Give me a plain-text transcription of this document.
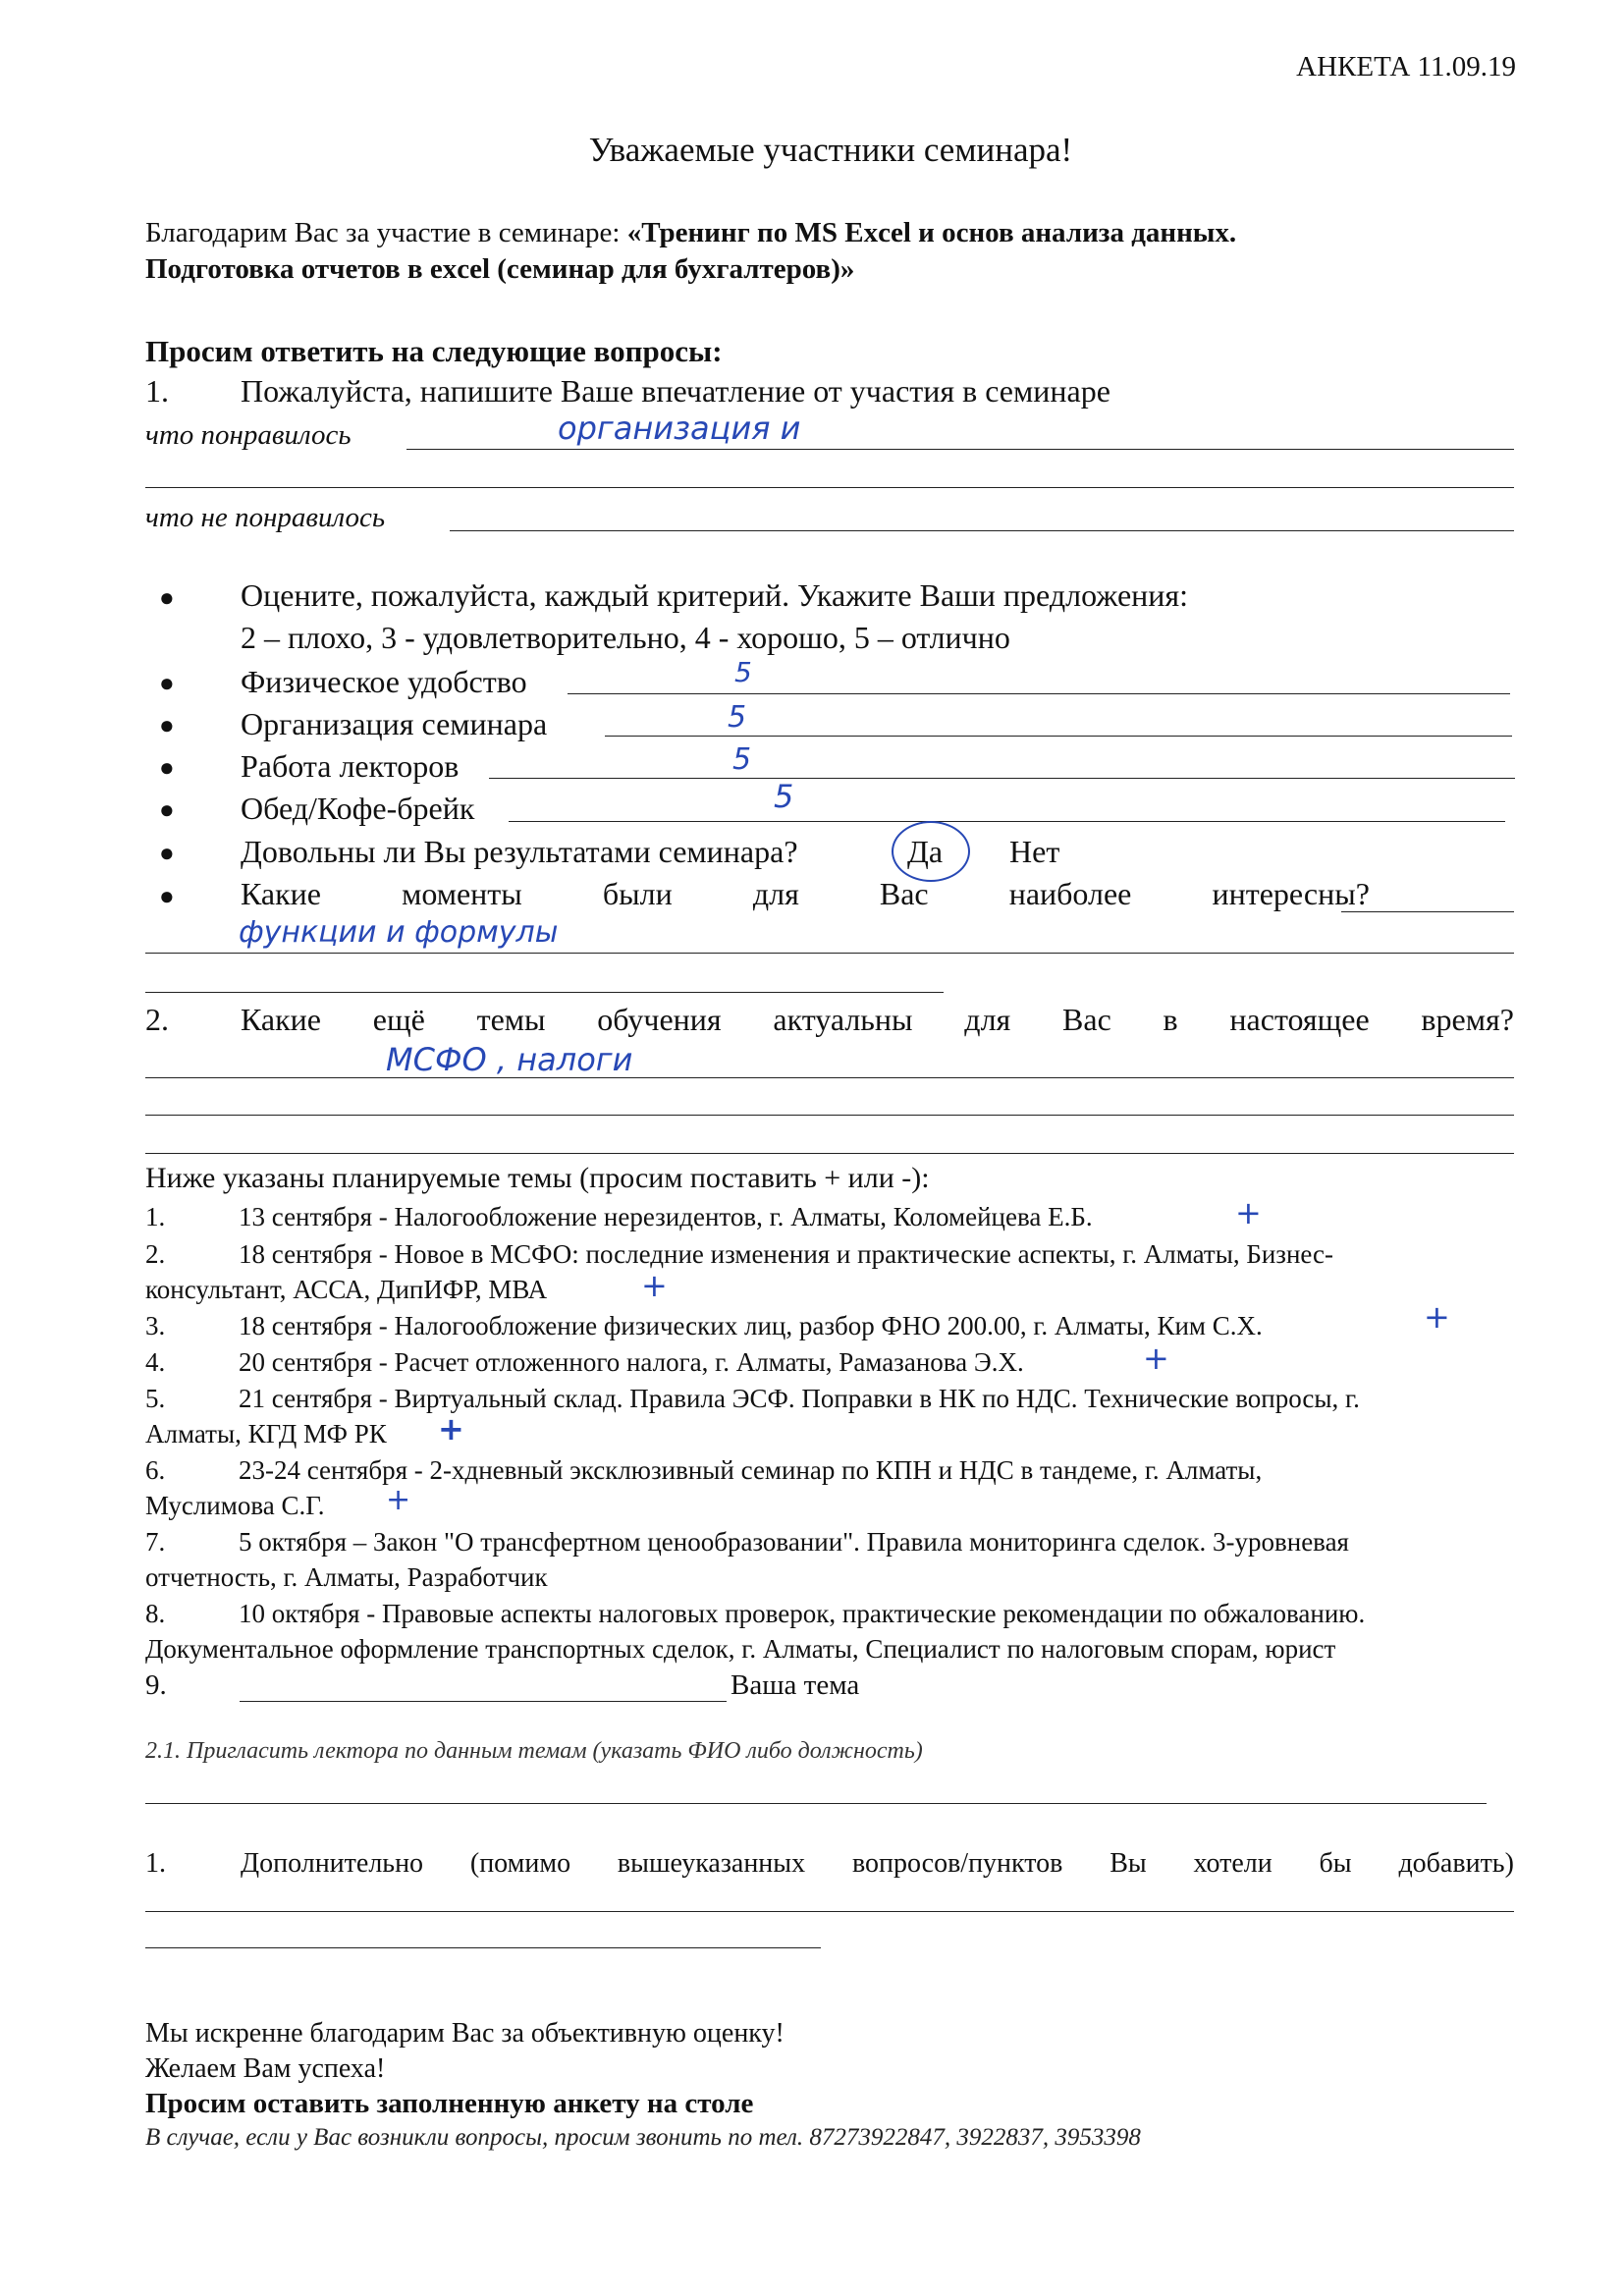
АНКЕТА 11.09.19
Уважаемые участники семинара!
Благодарим Вас за участие в семинаре: «Тренинг по MS Excel и основ анализа данных.
Подготовка отчетов в excel (семинар для бухгалтеров)»
Просим ответить на следующие вопросы:
1. Пожалуйста, напишите Ваше впечатление от участия в семинаре
что понравилось	организация и
что не понравилось
● Оцените, пожалуйста, каждый критерий. Укажите Ваши предложения:
2 – плохо, 3 - удовлетворительно, 4 - хорошо, 5 – отлично
● Физическое удобство	5
● Организация семинара	5
● Работа лекторов	5
● Обед/Кофе-брейк	5
● Довольны ли Вы результатами семинара?	Да Нет
● Какие	моменты	были	для	Вас	наиболее	интересны?
функции и формулы
2. Какие ещё темы обучения актуальны для Вас в настоящее время?
МСФО , налоги
Ниже указаны планируемые темы (просим поставить + или -):
1.	13 сентября - Налогообложение нерезидентов, г. Алматы, Коломейцева Е.Б.	+
2.	18 сентября - Новое в МСФО: последние изменения и практические аспекты, г. Алматы, Бизнес-
консультант, АССА, ДипИФР, МВА	+
3.	18 сентября - Налогообложение физических лиц, разбор ФНО 200.00, г. Алматы, Ким С.Х.	+
4.	20 сентября - Расчет отложенного налога, г. Алматы, Рамазанова Э.Х.	+
5.	21 сентября - Виртуальный склад. Правила ЭСФ. Поправки в НК по НДС. Технические вопросы, г.
Алматы, КГД МФ РК +
6.	23-24 сентября - 2-хдневный эксклюзивный семинар по КПН и НДС в тандеме, г. Алматы,
Муслимова С.Г. +
7.	5 октября – Закон "О трансфертном ценообразовании". Правила мониторинга сделок. 3-уровневая
отчетность, г. Алматы, Разработчик
8.	10 октября - Правовые аспекты налоговых проверок, практические рекомендации по обжалованию.
Документальное оформление транспортных сделок, г. Алматы, Специалист по налоговым спорам, юрист
9.	Ваша тема
2.1. Пригласить лектора по данным темам (указать ФИО либо должность)
1.	Дополнительно (помимо вышеуказанных вопросов/пунктов Вы хотели бы добавить)
Мы искренне благодарим Вас за объективную оценку!
Желаем Вам успеха!
Просим оставить заполненную анкету на столе
В случае, если у Вас возникли вопросы, просим звонить по тел. 87273922847, 3922837, 3953398
